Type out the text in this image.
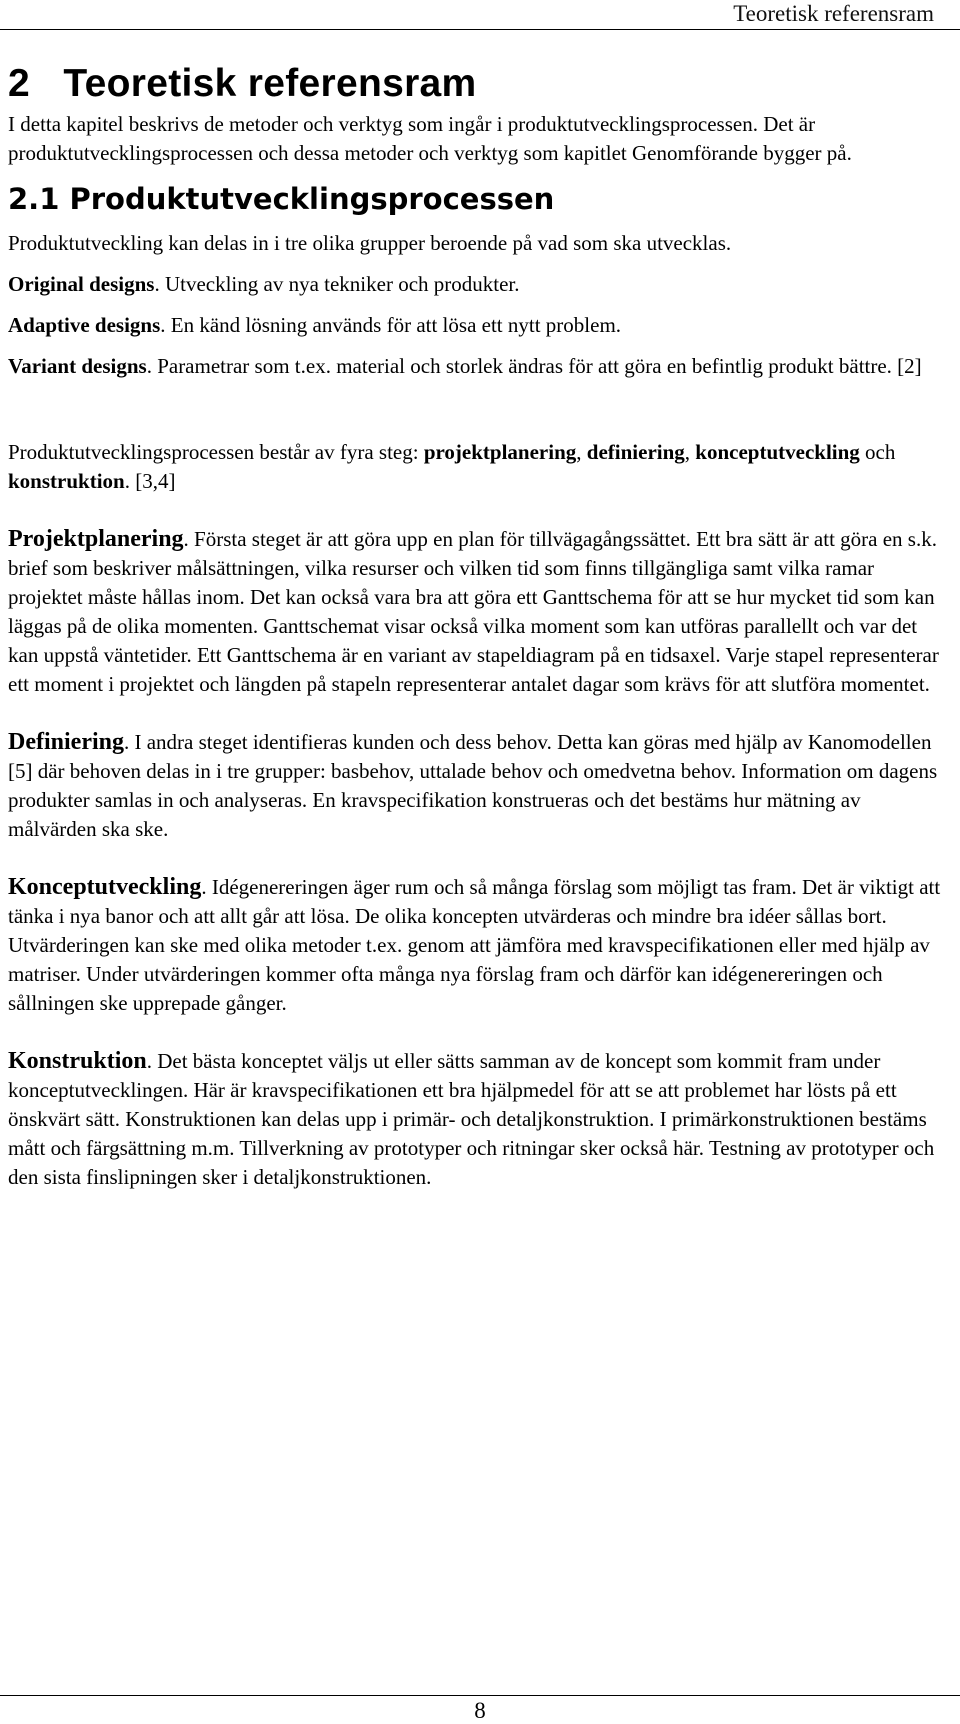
Teoretisk referensram
2   Teoretisk referensram

I detta kapitel beskrivs de metoder och verktyg som ingår i produktutvecklingsprocessen. Det är produktutvecklingsprocessen och dessa metoder och verktyg som kapitlet Genomförande bygger på.

2.1 Produktutvecklingsprocessen

Produktutveckling kan delas in i tre olika grupper beroende på vad som ska utvecklas.

Original designs. Utveckling av nya tekniker och produkter.

Adaptive designs. En känd lösning används för att lösa ett nytt problem.

Variant designs. Parametrar som t.ex. material och storlek ändras för att göra en befintlig produkt bättre. [2]

Produktutvecklingsprocessen består av fyra steg: projektplanering, definiering, konceptutveckling och konstruktion. [3,4]

Projektplanering. Första steget är att göra upp en plan för tillvägagångssättet. Ett bra sätt är att göra en s.k. brief som beskriver målsättningen, vilka resurser och vilken tid som finns tillgängliga samt vilka ramar projektet måste hållas inom. Det kan också vara bra att göra ett Ganttschema för att se hur mycket tid som kan läggas på de olika momenten. Ganttschemat visar också vilka moment som kan utföras parallellt och var det kan uppstå väntetider. Ett Ganttschema är en variant av stapeldiagram på en tidsaxel. Varje stapel representerar ett moment i projektet och längden på stapeln representerar antalet dagar som krävs för att slutföra momentet.

Definiering. I andra steget identifieras kunden och dess behov. Detta kan göras med hjälp av Kanomodellen [5] där behoven delas in i tre grupper: basbehov, uttalade behov och omedvetna behov. Information om dagens produkter samlas in och analyseras. En kravspecifikation konstrueras och det bestäms hur mätning av målvärden ska ske.

Konceptutveckling. Idégenereringen äger rum och så många förslag som möjligt tas fram. Det är viktigt att tänka i nya banor och att allt går att lösa. De olika koncepten utvärderas och mindre bra idéer sållas bort. Utvärderingen kan ske med olika metoder t.ex. genom att jämföra med kravspecifikationen eller med hjälp av matriser. Under utvärderingen kommer ofta många nya förslag fram och därför kan idégenereringen och sållningen ske upprepade gånger.

Konstruktion. Det bästa konceptet väljs ut eller sätts samman av de koncept som kommit fram under konceptutvecklingen. Här är kravspecifikationen ett bra hjälpmedel för att se att problemet har lösts på ett önskvärt sätt. Konstruktionen kan delas upp i primär- och detaljkonstruktion. I primärkonstruktionen bestäms mått och färgsättning m.m. Tillverkning av prototyper och ritningar sker också här. Testning av prototyper och den sista finslipningen sker i detaljkonstruktionen.

8
